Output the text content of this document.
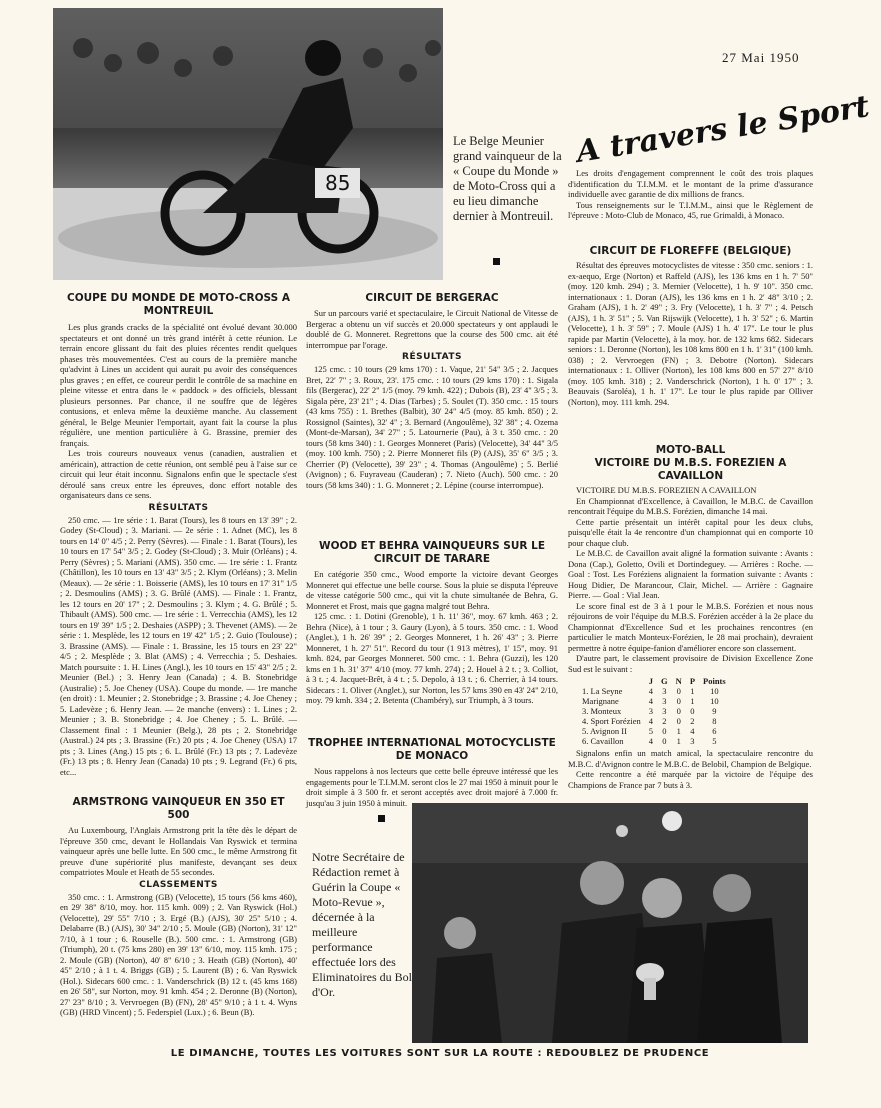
85
Le Belge Meunier grand vainqueur de la « Coupe du Monde » de Moto-Cross qui a eu lieu dimanche dernier à Montreuil.
27 Mai 1950
A travers le Sport
COUPE DU MONDE DE MOTO-CROSS A MONTREUIL

Les plus grands cracks de la spécialité ont évolué devant 30.000 spectateurs et ont donné un très grand intérêt à cette réunion. Le terrain encore glissant du fait des pluies récentes rendit quelques phases très mouvementées. C'est au cours de la première manche qu'advint à Lines un accident qui aurait pu avoir des conséquences plus graves ; en effet, ce coureur perdit le contrôle de sa machine en pleine vitesse et entra dans le « paddock » des officiels, blessant plusieurs personnes. Par chance, il ne souffre que de légères contusions, et enleva même la deuxième manche. Au classement général, le Belge Meunier l'emportait, ayant fait la course la plus régulière, une mention particulière à G. Brassine, premier des français.

Les trois coureurs nouveaux venus (canadien, australien et américain), attraction de cette réunion, ont semblé peu à l'aise sur ce circuit qui leur était inconnu. Signalons enfin que le spectacle s'est déroulé sans creux entre les épreuves, donc effort notable des organisateurs dans ce sens.

RÉSULTATS

250 cmc. — 1re série : 1. Barat (Tours), les 8 tours en 13' 39" ; 2. Godey (St-Cloud) ; 3. Mariani. — 2e série : 1. Adnet (MC), les 8 tours en 14' 0" 4/5 ; 2. Perry (Sèvres). — Finale : 1. Barat (Tours), les 10 tours en 17' 54" 3/5 ; 2. Godey (St-Cloud) ; 3. Muir (Orléans) ; 4. Perry (Sèvres) ; 5. Mariani (AMS). 350 cmc. — 1re série : 1. Frantz (Châtillon), les 10 tours en 13' 43" 3/5 ; 2. Klym (Orléans) ; 3. Melin (Meaux). — 2e série : 1. Boisserie (AMS), les 10 tours en 17' 31" 1/5 ; 2. Desmoulins (AMS) ; 3. G. Brûlé (AMS). — Finale : 1. Frantz, les 12 tours en 20' 17" ; 2. Desmoulins ; 3. Klym ; 4. G. Brûlé ; 5. Thibault (AMS). 500 cmc. — 1re série : 1. Verrecchia (AMS), les 12 tours en 19' 39" 1/5 ; 2. Deshaies (ASPP) ; 3. Thevenet (AMS). — 2e série : 1. Mesplède, les 12 tours en 19' 42" 1/5 ; 2. Guio (Toulouse) ; 3. Brassine (AMS). — Finale : 1. Brassine, les 15 tours en 23' 22" 4/5 ; 2. Mesplède ; 3. Blat (AMS) ; 4. Verrecchia ; 5. Deshaies. Match poursuite : 1. H. Lines (Angl.), les 10 tours en 15' 43" 2/5 ; 2. Meunier (Bel.) ; 3. Henry Jean (Canada) ; 4. B. Stonebridge (Australie) ; 5. Joe Cheney (USA). Coupe du monde. — 1re manche (en droit) : 1. Meunier ; 2. Stonebridge ; 3. Brassine ; 4. Joe Cheney ; 5. Ladevèze ; 6. Henry Jean. — 2e manche (envers) : 1. Lines ; 2. Meunier ; 3. B. Stonebridge ; 4. Joe Cheney ; 5. L. Brûlé. — Classement final : 1 Meunier (Belg.), 28 pts ; 2. Stonebridge (Austral.) 24 pts ; 3. Brassine (Fr.) 20 pts ; 4. Joe Cheney (USA) 17 pts ; 3. Lines (Ang.) 15 pts ; 6. L. Brûlé (Fr.) 13 pts ; 7. Ladevèze (Fr.) 13 pts ; 8. Henry Jean (Canada) 10 pts ; 9. Legrand (Fr.) 6 pts, etc...

ARMSTRONG VAINQUEUR EN 350 ET 500

Au Luxembourg, l'Anglais Armstrong prit la tête dès le départ de l'épreuve 350 cmc, devant le Hollandais Van Ryswick et termina vainqueur après une belle lutte. En 500 cmc., le même Armstrong fit preuve d'une supériorité plus manifeste, devançant ses deux compatriotes Moule et Heath de 55 secondes.

CLASSEMENTS

350 cmc. : 1. Armstrong (GB) (Velocette), 15 tours (56 kms 460), en 29' 38" 8/10, moy. hor. 115 kmh. 009) ; 2. Van Ryswick (Hol.) (Velocette), 29' 55" 7/10 ; 3. Ergé (B.) (AJS), 30' 25" 5/10 ; 4. Delabarre (B.) (AJS), 30' 34" 2/10 ; 5. Moule (GB) (Norton), 31' 12" 7/10, à 1 tour ; 6. Rouselle (B.). 500 cmc. : 1. Armstrong (GB) (Triumph), 20 t. (75 kms 280) en 39' 13" 6/10, moy. 115 kmh. 175 ; 2. Moule (GB) (Norton), 40' 8" 6/10 ; 3. Heath (GB) (Norton), 40' 45" 2/10 ; à 1 t. 4. Briggs (GB) ; 5. Laurent (B) ; 6. Van Ryswick (Hol.). Sidecars 600 cmc. : 1. Vanderschrick (B) 12 t. (45 kms 168) en 26' 58", sur Norton, moy. 91 kmh. 454 ; 2. Deronne (B) (Norton), 27' 23" 8/10 ; 3. Vervroegen (B) (FN), 28' 45" 9/10 ; à 1 t. 4. Wyns (GB) (HRD Vincent) ; 5. Federspiel (Lux.) ; 6. Beun (B).

CIRCUIT DE BERGERAC

Sur un parcours varié et spectaculaire, le Circuit National de Vitesse de Bergerac a obtenu un vif succès et 20.000 spectateurs y ont applaudi le doublé de G. Monneret. Regrettons que la course des 500 cmc. ait été interrompue par l'orage.

RÉSULTATS

125 cmc. : 10 tours (29 kms 170) : 1. Vaque, 21' 54" 3/5 ; 2. Jacques Bret, 22' 7" ; 3. Roux, 23'. 175 cmc. : 10 tours (29 kms 170) : 1. Sigala fils (Bergerac), 22' 2" 1/5 (moy. 79 kmh. 422) ; Dubois (B), 23' 4" 3/5 ; 3. Sigala père, 23' 21" ; 4. Dias (Tarbes) ; 5. Soulet (T). 350 cmc. : 15 tours (43 kms 755) : 1. Brethes (Balbit), 30' 24" 4/5 (moy. 85 kmh. 850) ; 2. Rossignol (Saintes), 32' 4" ; 3. Bernard (Angoulême), 32' 38" ; 4. Ozema (Mont-de-Marsan), 34' 27" ; 5. Latournerie (Pau), à 3 t. 350 cmc. : 20 tours (58 kms 340) : 1. Georges Monneret (Paris) (Velocette), 34' 44" 3/5 (moy. 100 kmh. 750) ; 2. Pierre Monneret fils (P) (AJS), 35' 6" 3/5 ; 3. Cherrier (P) (Velocette), 39' 23" ; 4. Thomas (Angoulême) ; 5. Berlié (Avignon) ; 6. Fuyraveau (Cauderan) ; 7. Nieto (Auch). 500 cmc. : 20 tours (58 kms 340) : 1. G. Monneret ; 2. Lépine (course interrompue).

WOOD ET BEHRA VAINQUEURS SUR LE CIRCUIT DE TARARE

En catégorie 350 cmc., Wood emporte la victoire devant Georges Monneret qui effectue une belle course. Sous la pluie se disputa l'épreuve de vitesse catégorie 500 cmc., qui vit la chute simultanée de Behra, G. Monneret et Frost, mais que gagna malgré tout Behra.

125 cmc. : 1. Dotini (Grenoble), 1 h. 11' 36", moy. 67 kmh. 463 ; 2. Behra (Nice), à 1 tour ; 3. Gaury (Lyon), à 5 tours. 350 cmc. : 1. Wood (Anglet.), 1 h. 26' 39" ; 2. Georges Monneret, 1 h. 26' 43" ; 3. Pierre Monneret, 1 h. 27' 51". Record du tour (1 913 mètres), 1' 15", moy. 91 kmh. 824, par Georges Monneret. 500 cmc. : 1. Behra (Guzzi), les 120 kms en 1 h. 31' 37" 4/10 (moy. 77 kmh. 274) ; 2. Houel à 2 t. ; 3. Colliot, à 3 t. ; 4. Jacquet-Brêt, à 4 t. ; 5. Depolo, à 13 t. ; 6. Cherrier, à 14 tours. Sidecars : 1. Oliver (Anglet.), sur Norton, les 57 kms 390 en 43' 24" 2/10, moy. 79 kmh. 334 ; 2. Betenta (Chambéry), sur Triumph, à 3 tours.

TROPHEE INTERNATIONAL MOTOCYCLISTE DE MONACO

Nous rappelons à nos lecteurs que cette belle épreuve intéressé que les engagements pour le T.I.M.M. seront clos le 27 mai 1950 à minuit pour le droit simple à 3 500 fr. et seront acceptés avec droit majoré à 7.000 fr. jusqu'au 3 juin 1950 à minuit.

Les droits d'engagement comprennent le coût des trois plaques d'identification du T.I.M.M. et le montant de la prime d'assurance individuelle avec garantie de dix millions de francs.

Tous renseignements sur le T.I.M.M., ainsi que le Règlement de l'épreuve : Moto-Club de Monaco, 45, rue Grimaldi, à Monaco.

CIRCUIT DE FLOREFFE (BELGIQUE)

Résultat des épreuves motocyclistes de vitesse : 350 cmc. seniors : 1. ex-aequo, Erge (Norton) et Raffeld (AJS), les 136 kms en 1 h. 7' 50" (moy. 120 kmh. 294) ; 3. Mernier (Velocette), 1 h. 9' 10". 350 cmc. internationaux : 1. Doran (AJS), les 136 kms en 1 h. 2' 48" 3/10 ; 2. Graham (AJS), 1 h. 2' 49" ; 3. Fry (Velocette), 1 h. 3' 7" ; 4. Petsch (AJS), 1 h. 3' 51" ; 5. Van Rijswijk (Velocette), 1 h. 3' 52" ; 6. Martin (Velocette), 1 h. 3' 59" ; 7. Moule (AJS) 1 h. 4' 17". Le tour le plus rapide par Martin (Velocette), à la moy. hor. de 132 kms 682. Sidecars seniors : 1. Deronne (Norton), les 108 kms 800 en 1 h. 1' 31" (100 kmh. 038) ; 2. Vervroegen (FN) ; 3. Debotre (Norton). Sidecars internationaux : 1. Olliver (Norton), les 108 kms 800 en 57' 27" 8/10 (moy. 105 kmh. 318) ; 2. Vanderschrick (Norton), 1 h. 0' 17" ; 3. Beauvais (Saroléa), 1 h. 1' 17". Le tour le plus rapide par Olliver (Norton), moy. 111 kmh. 294.

MOTO-BALL
VICTOIRE DU M.B.S. FOREZIEN A CAVAILLON

VICTOIRE DU M.B.S. FOREZIEN A CAVAILLON

En Championnat d'Excellence, à Cavaillon, le M.B.C. de Cavaillon rencontrait l'équipe du M.B.S. Forézien, dimanche 14 mai.

Cette partie présentait un intérêt capital pour les deux clubs, puisqu'elle était la 4e rencontre d'un championnat qui en comporte 10 pour chaque club.

Le M.B.C. de Cavaillon avait aligné la formation suivante : Avants : Dona (Cap.), Goletto, Ovili et Dortindeguey. — Arrières : Roche. — Goal : Tost. Les Foréziens alignaient la formation suivante : Avants : Houg Didier, De Marancour, Clair, Michel. — Arrière : Gagnaire Pierre. — Goal : Vial Jean.

Le score final est de 3 à 1 pour le M.B.S. Forézien et nous nous réjouirons de voir l'équipe du M.B.S. Forézien accéder à la 2e place du Championnat d'Excellence Sud et les prochaines rencontres (en particulier le match Monteux-Forézien, le 28 mai prochain), devraient permettre à notre équipe-fanion d'améliorer encore son classement.

D'autre part, le classement provisoire de Division Excellence Zone Sud est le suivant :

	J	G	N	P	Points
1. La Seyne	4	3	0	1	10
Marignane	4	3	0	1	10
3. Monteux	3	3	0	0	9
4. Sport Forézien	4	2	0	2	8
5. Avignon II	5	0	1	4	6
6. Cavaillon	4	0	1	3	5

Signalons enfin un match amical, la spectaculaire rencontre du M.B.C. d'Avignon contre le M.B.C. de Belobil, Champion de Belgique.

Cette rencontre a été marquée par la victoire de l'équipe des Champions de France par 7 buts à 3.

Notre Secrétaire de Rédaction remet à Guérin la Coupe « Moto-Revue », décernée à la meilleure performance effectuée lors des Eliminatoires du Bol d'Or.
LE DIMANCHE, TOUTES LES VOITURES SONT SUR LA ROUTE : REDOUBLEZ DE PRUDENCE
